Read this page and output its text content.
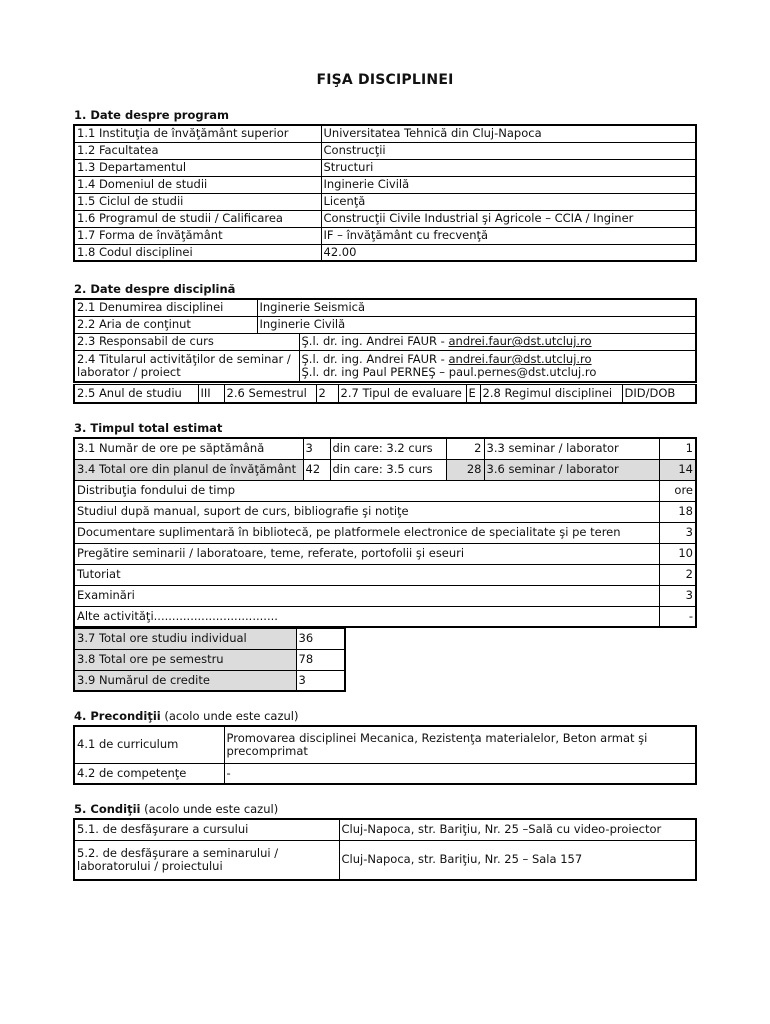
FIŞA DISCIPLINEI
1. Date despre program
1.1 Instituţia de învăţământ superior	Universitatea Tehnică din Cluj-Napoca
1.2 Facultatea	Construcţii
1.3 Departamentul	Structuri
1.4 Domeniul de studii	Inginerie Civilă
1.5 Ciclul de studii	Licenţă
1.6 Programul de studii / Calificarea	Construcţii Civile Industrial şi Agricole – CCIA / Inginer
1.7 Forma de învăţământ	IF – învăţământ cu frecvenţă
1.8 Codul disciplinei	42.00
2. Date despre disciplină
2.1 Denumirea disciplinei	Inginerie Seismică	
2.2 Aria de conţinut	Inginerie Civilă	
2.3 Responsabil de curs		Ş.l. dr. ing. Andrei FAUR - andrei.faur@dst.utcluj.ro
2.4 Titularul activităţilor de seminar /
laborator / proiect		Ş.l. dr. ing. Andrei FAUR - andrei.faur@dst.utcluj.ro
Ş.l. dr. ing Paul PERNEŞ – paul.pernes@dst.utcluj.ro
2.5 Anul de studiu	III	2.6 Semestrul	2	2.7 Tipul de evaluare	E	2.8 Regimul disciplinei	DID/DOB
3. Timpul total estimat
3.1 Număr de ore pe săptămână	3	din care: 3.2 curs	2	3.3 seminar / laborator	1
3.4 Total ore din planul de învăţământ	42	din care: 3.5 curs	28	3.6 seminar / laborator	14
Distribuţia fondului de timp					ore
Studiul după manual, suport de curs, bibliografie şi notiţe					18
Documentare suplimentară în bibliotecă, pe platformele electronice de specialitate şi pe teren					3
Pregătire seminarii / laboratoare, teme, referate, portofolii şi eseuri					10
Tutoriat					2
Examinări					3
Alte activităţi..................................					-
3.7 Total ore studiu individual	36
3.8 Total ore pe semestru	78
3.9 Numărul de credite	3
4. Precondiţii (acolo unde este cazul)
4.1 de curriculum	Promovarea disciplinei Mecanica, Rezistenţa materialelor, Beton armat şi precomprimat
4.2 de competenţe	-
5. Condiţii (acolo unde este cazul)
5.1. de desfăşurare a cursului	Cluj-Napoca, str. Bariţiu, Nr. 25 –Sală cu video-proiector
5.2. de desfăşurare a seminarului /
laboratorului / proiectului	Cluj-Napoca, str. Bariţiu, Nr. 25 – Sala 157
